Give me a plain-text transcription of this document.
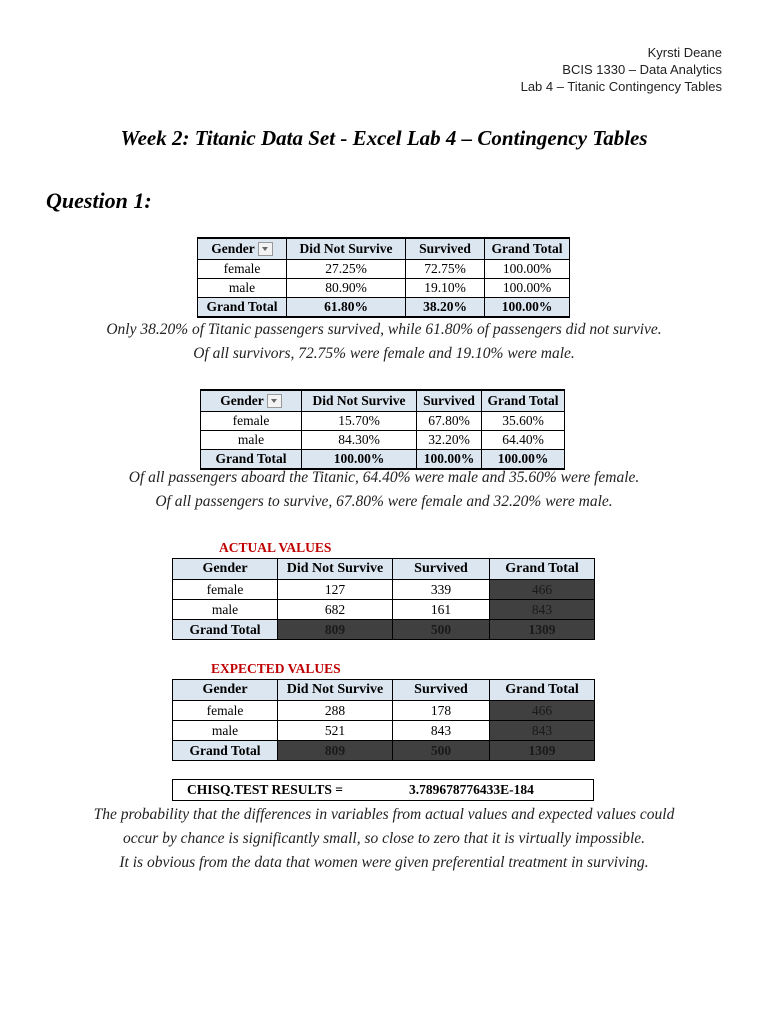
Kyrsti Deane
BCIS 1330 – Data Analytics
Lab 4 – Titanic Contingency Tables
Week 2: Titanic Data Set - Excel Lab 4 – Contingency Tables
Question 1:
Gender	Did Not Survive	Survived	Grand Total
female	27.25%	72.75%	100.00%
male	80.90%	19.10%	100.00%
Grand Total	61.80%	38.20%	100.00%
Only 38.20% of Titanic passengers survived, while 61.80% of passengers did not survive.
Of all survivors, 72.75% were female and 19.10% were male.
Gender	Did Not Survive	Survived	Grand Total
female	15.70%	67.80%	35.60%
male	84.30%	32.20%	64.40%
Grand Total	100.00%	100.00%	100.00%
Of all passengers aboard the Titanic, 64.40% were male and 35.60% were female.
Of all passengers to survive, 67.80% were female and 32.20% were male.
ACTUAL VALUES
Gender	Did Not Survive	Survived	Grand Total
female	127	339	466
male	682	161	843
Grand Total	809	500	1309
EXPECTED VALUES
Gender	Did Not Survive	Survived	Grand Total
female	288	178	466
male	521	843	843
Grand Total	809	500	1309
CHISQ.TEST RESULTS =	3.789678776433E-184
The probability that the differences in variables from actual values and expected values could
occur by chance is significantly small, so close to zero that it is virtually impossible.
It is obvious from the data that women were given preferential treatment in surviving.
